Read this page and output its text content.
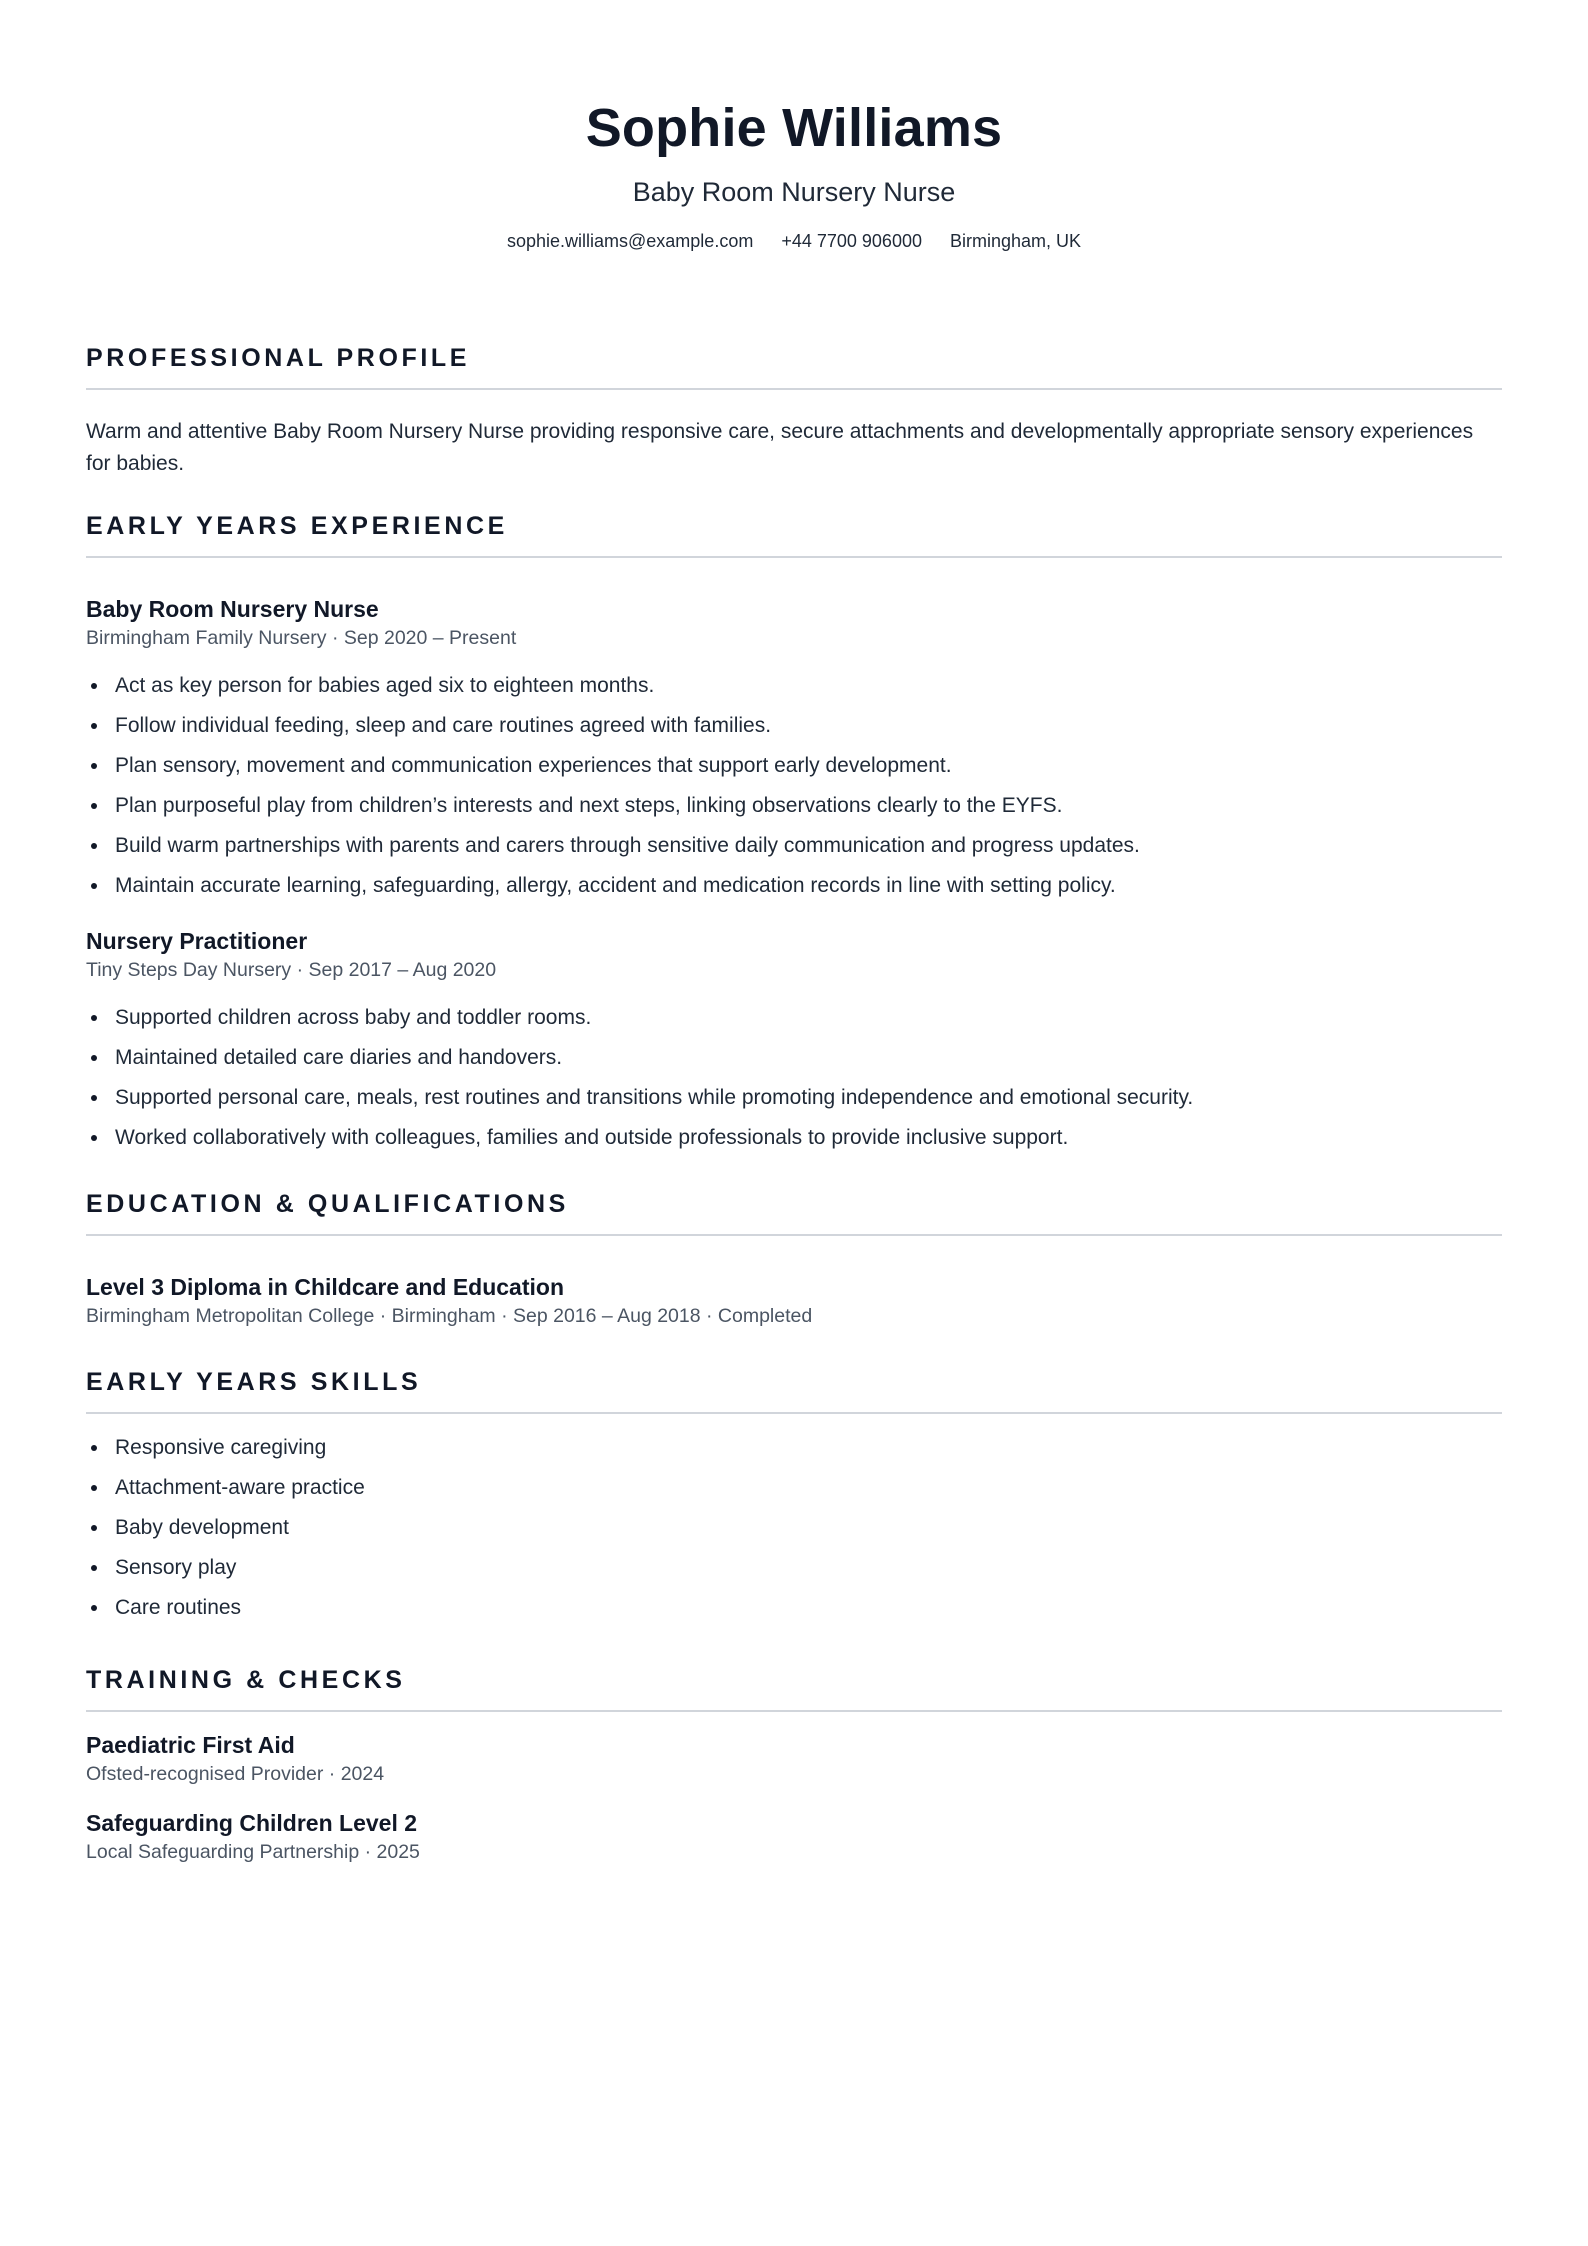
Sophie Williams
Baby Room Nursery Nurse
sophie.williams@example.com +44 7700 906000 Birmingham, UK
PROFESSIONAL PROFILE

Warm and attentive Baby Room Nursery Nurse providing responsive care, secure attachments and developmentally appropriate sensory experiences for babies.

EARLY YEARS EXPERIENCE
Baby Room Nursery Nurse
Birmingham Family Nursery · Sep 2020 – Present
Act as key person for babies aged six to eighteen months.
Follow individual feeding, sleep and care routines agreed with families.
Plan sensory, movement and communication experiences that support early development.
Plan purposeful play from children’s interests and next steps, linking observations clearly to the EYFS.
Build warm partnerships with parents and carers through sensitive daily communication and progress updates.
Maintain accurate learning, safeguarding, allergy, accident and medication records in line with setting policy.
Nursery Practitioner
Tiny Steps Day Nursery · Sep 2017 – Aug 2020
Supported children across baby and toddler rooms.
Maintained detailed care diaries and handovers.
Supported personal care, meals, rest routines and transitions while promoting independence and emotional security.
Worked collaboratively with colleagues, families and outside professionals to provide inclusive support.
EDUCATION & QUALIFICATIONS
Level 3 Diploma in Childcare and Education
Birmingham Metropolitan College · Birmingham · Sep 2016 – Aug 2018 · Completed
EARLY YEARS SKILLS
Responsive caregiving
Attachment-aware practice
Baby development
Sensory play
Care routines
TRAINING & CHECKS
Paediatric First Aid
Ofsted-recognised Provider · 2024
Safeguarding Children Level 2
Local Safeguarding Partnership · 2025
